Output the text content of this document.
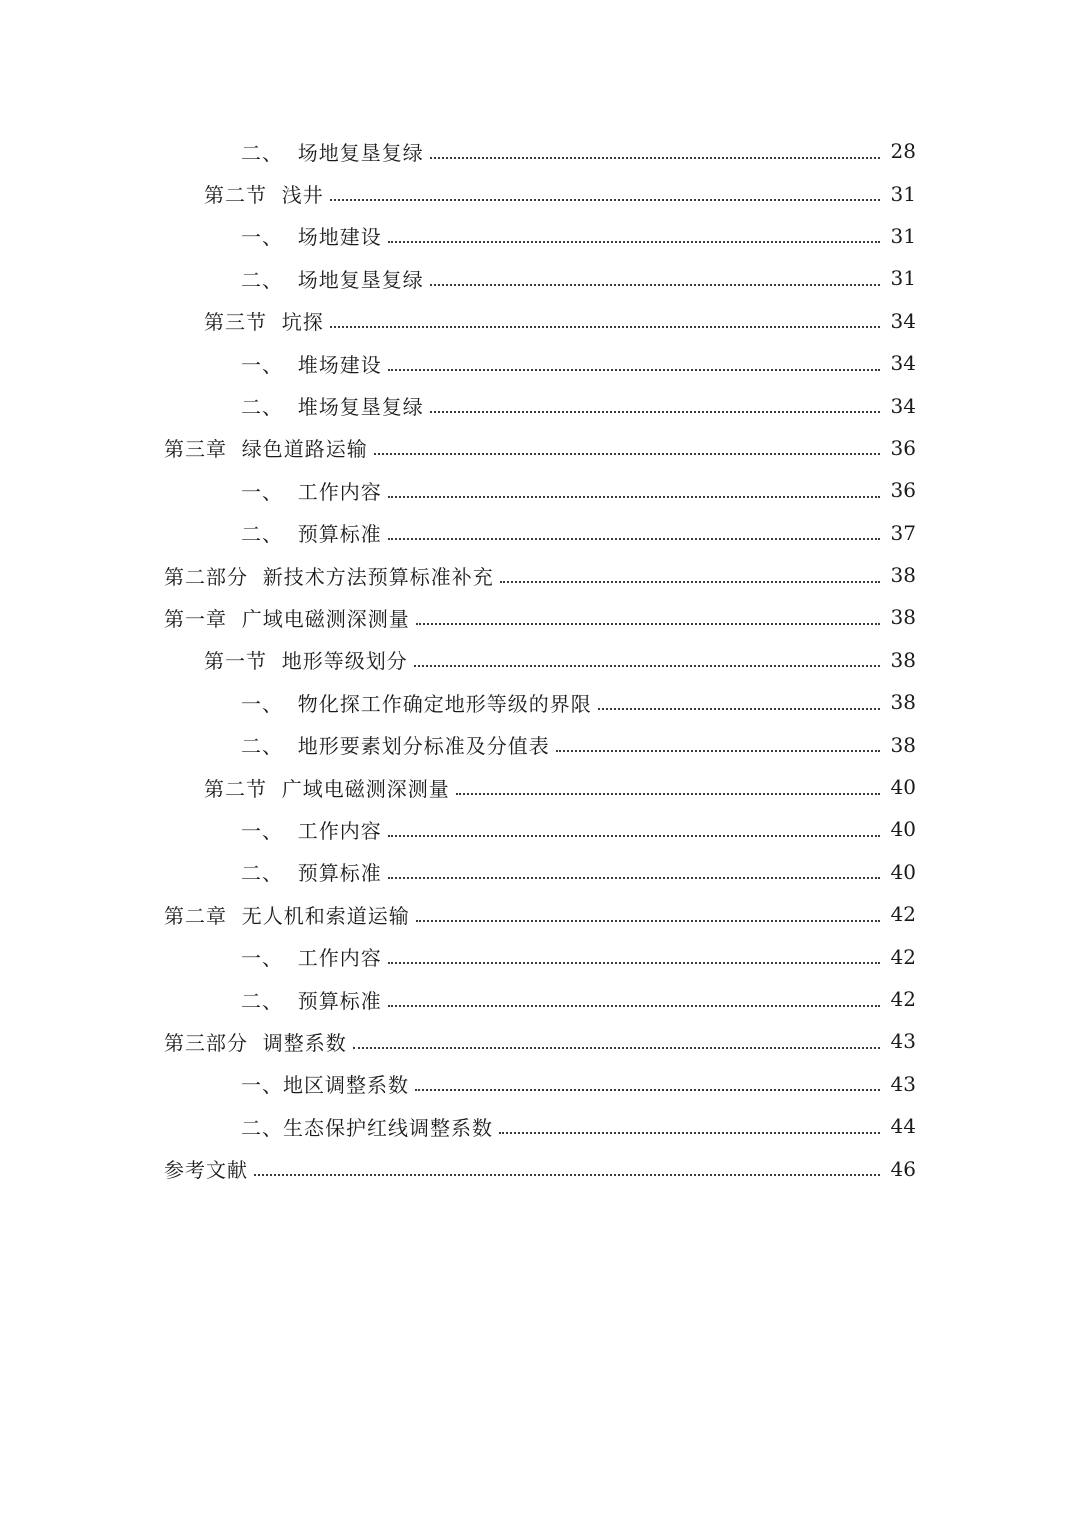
二、  场地复垦复绿	28
第二节  浅井	31
一、  场地建设	31
二、  场地复垦复绿	31
第三节  坑探	34
一、  堆场建设	34
二、  堆场复垦复绿	34
第三章  绿色道路运输	36
一、  工作内容	36
二、  预算标准	37
第二部分  新技术方法预算标准补充	38
第一章  广域电磁测深测量	38
第一节  地形等级划分	38
一、  物化探工作确定地形等级的界限	38
二、  地形要素划分标准及分值表	38
第二节  广域电磁测深测量	40
一、  工作内容	40
二、  预算标准	40
第二章  无人机和索道运输	42
一、  工作内容	42
二、  预算标准	42
第三部分  调整系数	43
一、地区调整系数	43
二、生态保护红线调整系数	44
参考文献	46
